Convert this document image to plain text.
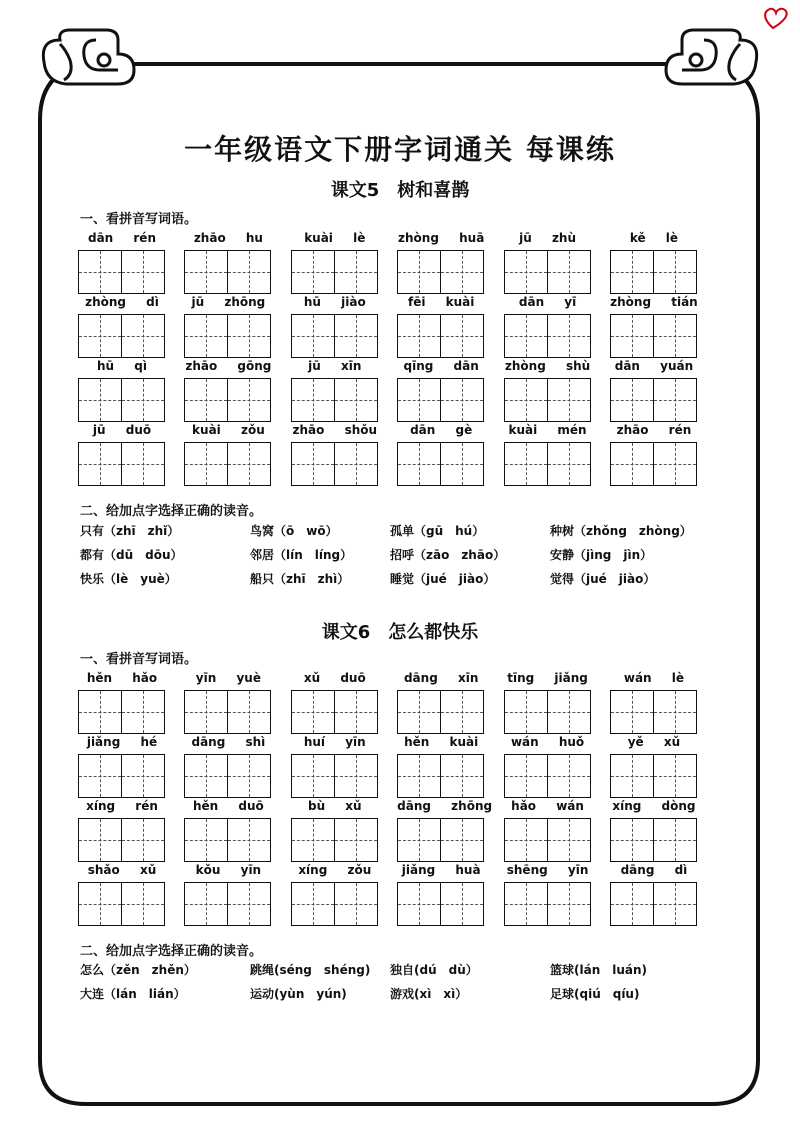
一年级语文下册字词通关 每课练
课文5　树和喜鹊
一、看拼音写词语。
dān rén	zhāo hu	kuài lè	zhòng huā	jū zhù	kě lè
zhòng dì	jū zhōng	hū jiào	fēi kuài	dān yī	zhòng tián
hū qì	zhāo gōng	jū xīn	qīng dān	zhòng shù	dān yuán
jū duō	kuài zǒu	zhāo shǒu	dān gè	kuài mén	zhāo rén
二、给加点字选择正确的读音。
只有（zhī　zhǐ）	鸟窝（ō　wō）	孤单（gū　hú）	种树（zhǒng　zhòng）
都有（dū　dōu）	邻居（lín　líng）	招呼（zāo　zhāo）	安静（jìng　jìn）
快乐（lè　yuè）	船只（zhī　zhì）	睡觉（jué　jiào）	觉得（jué　jiào）
课文6　怎么都快乐
一、看拼音写词语。
hěn hǎo	yīn yuè	xǔ duō	dāng xīn	tīng jiǎng	wán lè
jiǎng hé	dāng shì	huí yīn	hěn kuài	wán huǒ	yě xǔ
xíng rén	hěn duō	bù xǔ	dāng zhōng	hǎo wán	xíng dòng
shǎo xǔ	kǒu yīn	xíng zǒu	jiǎng huà	shēng yīn	dāng dì
二、给加点字选择正确的读音。
怎么（zěn　zhěn）	跳绳(séng　shéng)	独自(dú　dù）	篮球(lán　luán)
大连（lán　lián）	运动(yùn　yún)	游戏(xì　xì）	足球(qiú　qíu)
